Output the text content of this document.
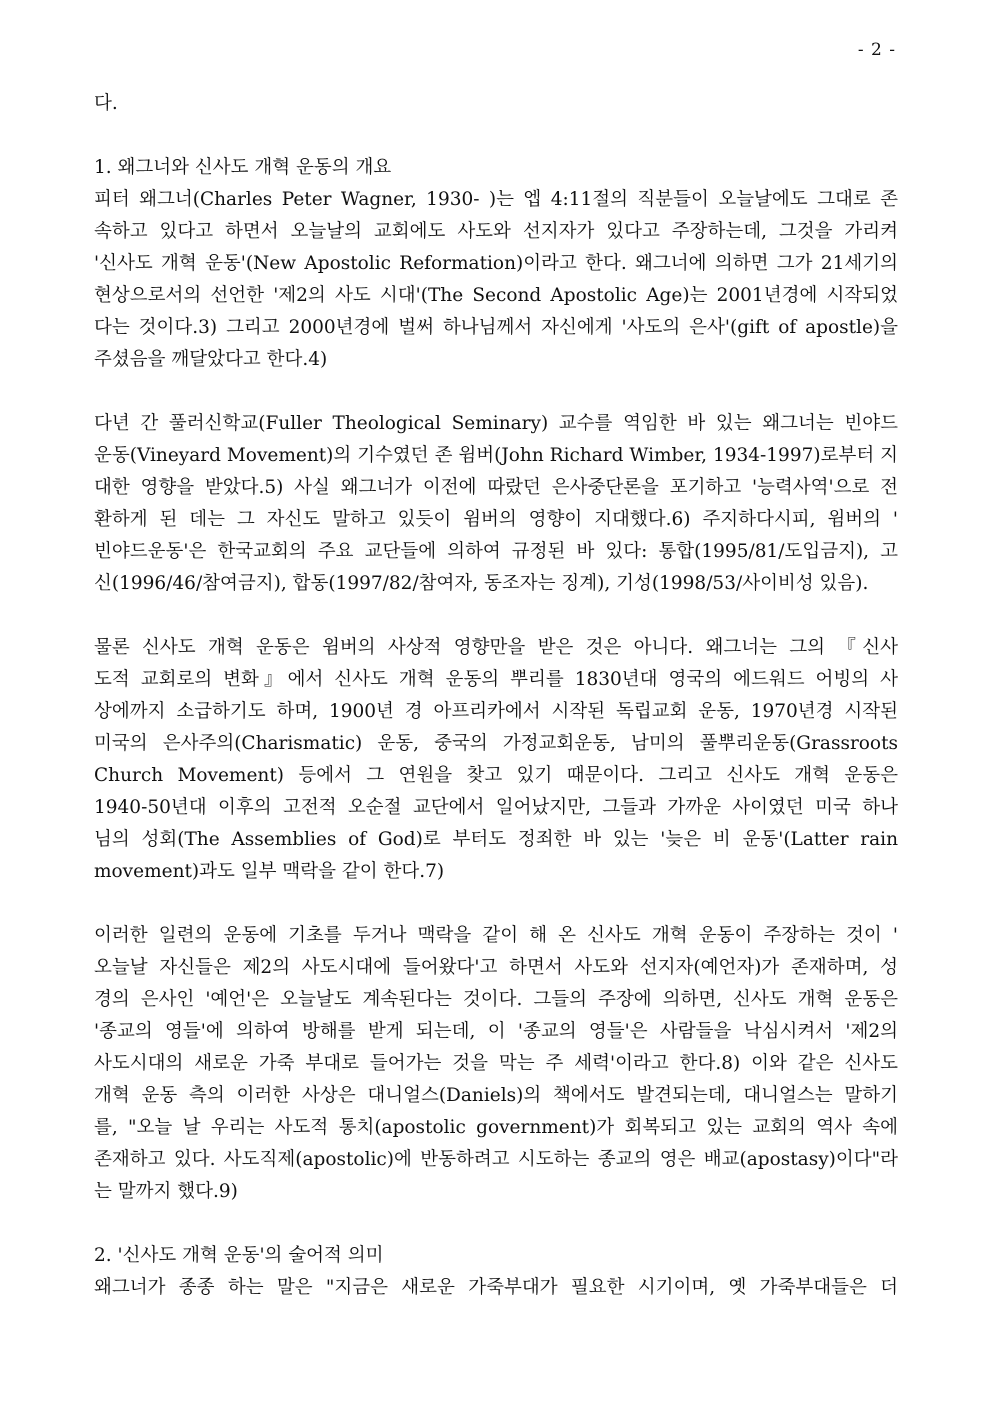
- 2 -
다.
1. 왜그너와 신사도 개혁 운동의 개요
피터 왜그너(Charles Peter Wagner, 1930- )는 엡 4:11절의 직분들이 오늘날에도 그대로 존
속하고 있다고 하면서 오늘날의 교회에도 사도와 선지자가 있다고 주장하는데, 그것을 가리켜
'신사도 개혁 운동'(New Apostolic Reformation)이라고 한다. 왜그너에 의하면 그가 21세기의
현상으로서의 선언한 '제2의 사도 시대'(The Second Apostolic Age)는 2001년경에 시작되었
다는 것이다.3) 그리고 2000년경에 벌써 하나님께서 자신에게 '사도의 은사'(gift of apostle)을
주셨음을 깨달았다고 한다.4)
다년 간 풀러신학교(Fuller Theological Seminary) 교수를 역임한 바 있는 왜그너는 빈야드
운동(Vineyard Movement)의 기수였던 존 윔버(John Richard Wimber, 1934-1997)로부터 지
대한 영향을 받았다.5) 사실 왜그너가 이전에 따랐던 은사중단론을 포기하고 '능력사역'으로 전
환하게 된 데는 그 자신도 말하고 있듯이 윔버의 영향이 지대했다.6) 주지하다시피, 윔버의 '
빈야드운동'은 한국교회의 주요 교단들에 의하여 규정된 바 있다: 통합(1995/81/도입금지), 고
신(1996/46/참여금지), 합동(1997/82/참여자, 동조자는 징계), 기성(1998/53/사이비성 있음).
물론 신사도 개혁 운동은 윔버의 사상적 영향만을 받은 것은 아니다. 왜그너는 그의 『신사
도적 교회로의 변화』에서 신사도 개혁 운동의 뿌리를 1830년대 영국의 에드워드 어빙의 사
상에까지 소급하기도 하며, 1900년 경 아프리카에서 시작된 독립교회 운동, 1970년경 시작된
미국의 은사주의(Charismatic) 운동, 중국의 가정교회운동, 남미의 풀뿌리운동(Grassroots
Church Movement) 등에서 그 연원을 찾고 있기 때문이다. 그리고 신사도 개혁 운동은
1940-50년대 이후의 고전적 오순절 교단에서 일어났지만, 그들과 가까운 사이였던 미국 하나
님의 성회(The Assemblies of God)로 부터도 정죄한 바 있는 '늦은 비 운동'(Latter rain
movement)과도 일부 맥락을 같이 한다.7)
이러한 일련의 운동에 기초를 두거나 맥락을 같이 해 온 신사도 개혁 운동이 주장하는 것이 '
오늘날 자신들은 제2의 사도시대에 들어왔다'고 하면서 사도와 선지자(예언자)가 존재하며, 성
경의 은사인 '예언'은 오늘날도 계속된다는 것이다. 그들의 주장에 의하면, 신사도 개혁 운동은
'종교의 영들'에 의하여 방해를 받게 되는데, 이 '종교의 영들'은 사람들을 낙심시켜서 '제2의
사도시대의 새로운 가죽 부대로 들어가는 것을 막는 주 세력'이라고 한다.8) 이와 같은 신사도
개혁 운동 측의 이러한 사상은 대니얼스(Daniels)의 책에서도 발견되는데, 대니얼스는 말하기
를, "오늘 날 우리는 사도적 통치(apostolic government)가 회복되고 있는 교회의 역사 속에
존재하고 있다. 사도직제(apostolic)에 반동하려고 시도하는 종교의 영은 배교(apostasy)이다"라
는 말까지 했다.9)
2. '신사도 개혁 운동'의 술어적 의미
왜그너가 종종 하는 말은 "지금은 새로운 가죽부대가 필요한 시기이며, 옛 가죽부대들은 더
